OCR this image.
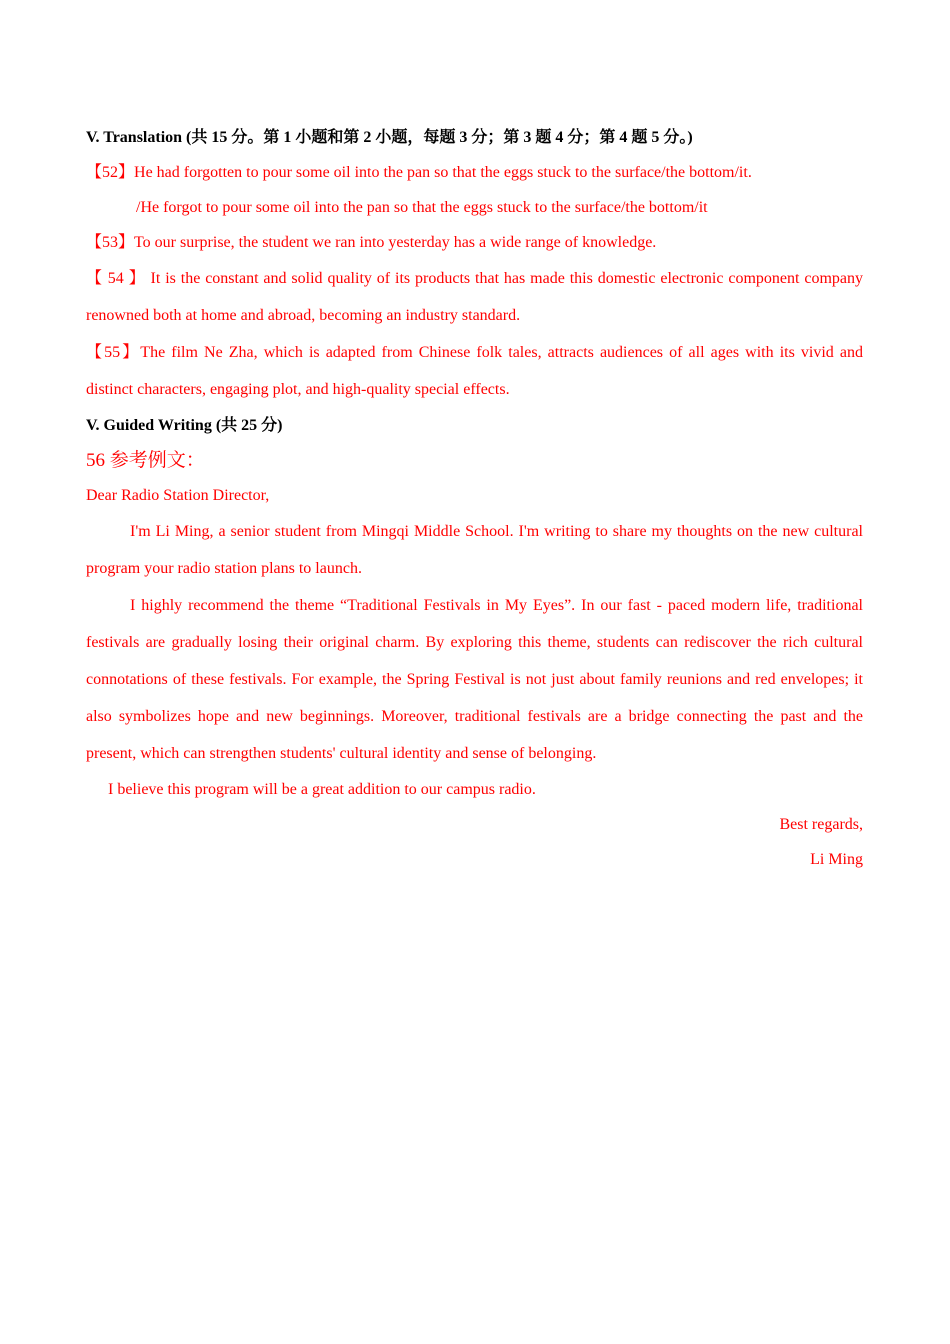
V. Translation (共 15 分。第 1 小题和第 2 小题，每题 3 分；第 3 题 4 分；第 4 题 5 分。)

【52】He had forgotten to pour some oil into the pan so that the eggs stuck to the surface/the bottom/it.

/He forgot to pour some oil into the pan so that the eggs stuck to the surface/the bottom/it

【53】To our surprise, the student we ran into yesterday has a wide range of knowledge.

【 54 】 It is the constant and solid quality of its products that has made this domestic electronic component company renowned both at home and abroad, becoming an industry standard.

【55】The film Ne Zha, which is adapted from Chinese folk tales, attracts audiences of all ages with its vivid and distinct characters, engaging plot, and high-quality special effects.

V. Guided Writing (共 25 分)

56 参考例文：

Dear Radio Station Director,

I'm Li Ming, a senior student from Mingqi Middle School. I'm writing to share my thoughts on the new cultural program your radio station plans to launch.

I highly recommend the theme “Traditional Festivals in My Eyes”. In our fast - paced modern life, traditional festivals are gradually losing their original charm. By exploring this theme, students can rediscover the rich cultural connotations of these festivals. For example, the Spring Festival is not just about family reunions and red envelopes; it also symbolizes hope and new beginnings. Moreover, traditional festivals are a bridge connecting the past and the present, which can strengthen students' cultural identity and sense of belonging.

I believe this program will be a great addition to our campus radio.

Best regards,

Li Ming
